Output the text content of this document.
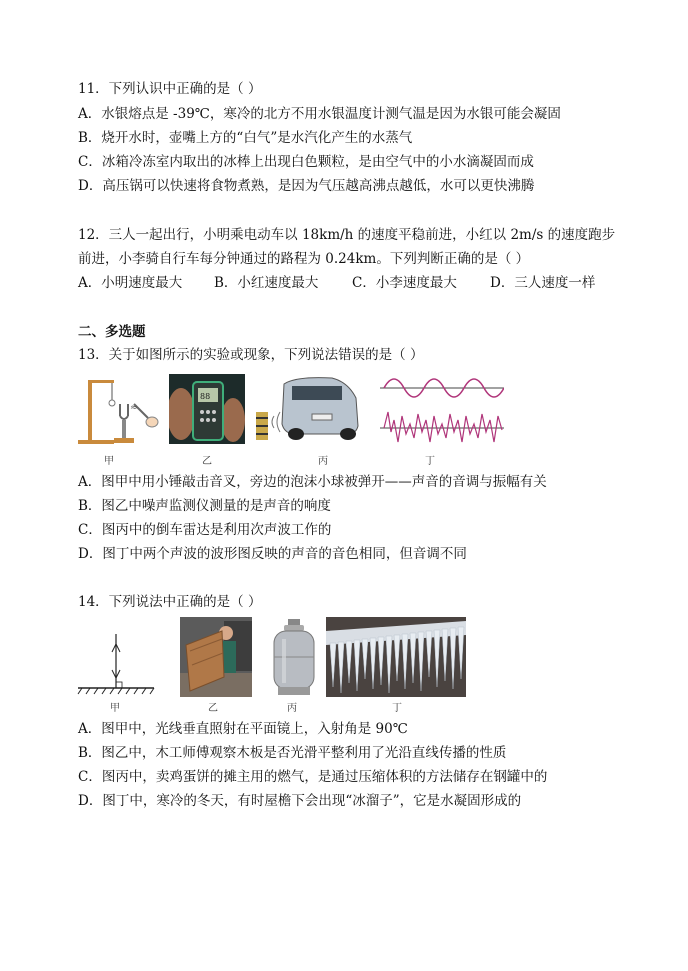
11．下列认识中正确的是（ ）
A．水银熔点是 -39℃，寒冷的北方不用水银温度计测气温是因为水银可能会凝固
B．烧开水时，壶嘴上方的“白气”是水汽化产生的水蒸气
C．冰箱冷冻室内取出的冰棒上出现白色颗粒，是由空气中的小水滴凝固而成
D．高压锅可以快速将食物煮熟，是因为气压越高沸点越低，水可以更快沸腾
12．三人一起出行，小明乘电动车以 18km/h 的速度平稳前进，小红以 2m/s 的速度跑步
前进，小李骑自行车每分钟通过的路程为 0.24km。下列判断正确的是（ ）
A．小明速度最大 B．小红速度最大 C．小李速度最大 D．三人速度一样
二、多选题
13．关于如图所示的实验或现象，下列说法错误的是（ ）
≈
88
甲	乙	丙	丁
A．图甲中用小锤敲击音叉，旁边的泡沫小球被弹开——声音的音调与振幅有关
B．图乙中噪声监测仪测量的是声音的响度
C．图丙中的倒车雷达是利用次声波工作的
D．图丁中两个声波的波形图反映的声音的音色相同，但音调不同
14．下列说法中正确的是（ ）
甲	乙	丙	丁
A．图甲中，光线垂直照射在平面镜上，入射角是 90℃
B．图乙中，木工师傅观察木板是否光滑平整利用了光沿直线传播的性质
C．图丙中，卖鸡蛋饼的摊主用的燃气，是通过压缩体积的方法储存在钢罐中的
D．图丁中，寒冷的冬天，有时屋檐下会出现“冰溜子”，它是水凝固形成的
